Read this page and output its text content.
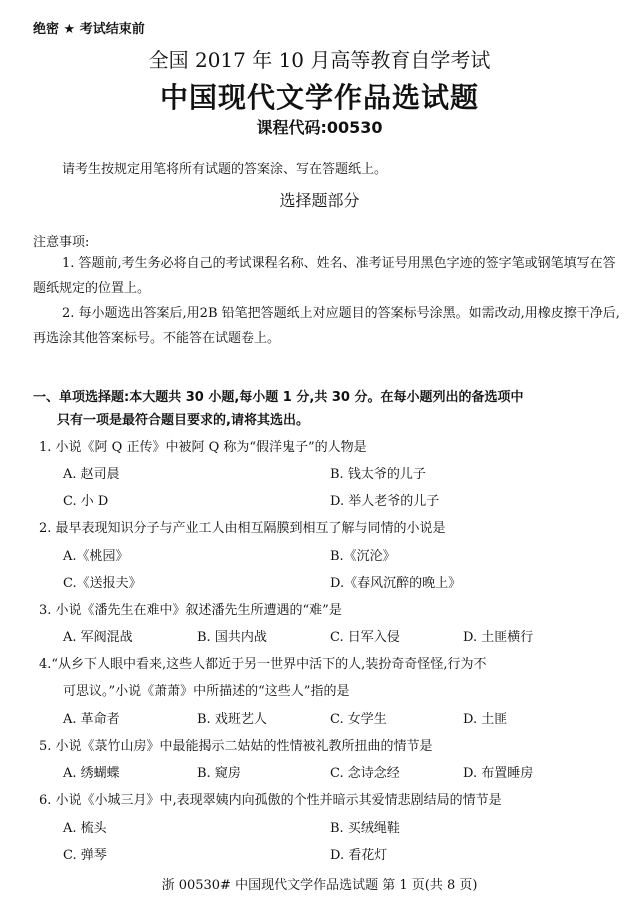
绝密 ★ 考试结束前
全国 2017 年 10 月高等教育自学考试
中国现代文学作品选试题
课程代码:00530
请考生按规定用笔将所有试题的答案涂、写在答题纸上。
选择题部分
注意事项:
1. 答题前,考生务必将自己的考试课程名称、姓名、准考证号用黑色字迹的签字笔或钢笔填写在答题纸规定的位置上。
2. 每小题选出答案后,用2B 铅笔把答题纸上对应题目的答案标号涂黑。如需改动,用橡皮擦干净后,再选涂其他答案标号。不能答在试题卷上。
一、单项选择题:本大题共 30 小题,每小题 1 分,共 30 分。在每小题列出的备选项中
只有一项是最符合题目要求的,请将其选出。
1. 小说《阿 Q 正传》中被阿 Q 称为“假洋鬼子”的人物是
A. 赵司晨	B. 钱太爷的儿子
C. 小 D	D. 举人老爷的儿子
2. 最早表现知识分子与产业工人由相互隔膜到相互了解与同情的小说是
A.《桃园》	B.《沉沦》
C.《送报夫》	D.《春风沉醉的晚上》
3. 小说《潘先生在难中》叙述潘先生所遭遇的“难”是
A. 军阀混战	B. 国共内战	C. 日军入侵	D. 土匪横行
4.“从乡下人眼中看来,这些人都近于另一世界中活下的人,装扮奇奇怪怪,行为不
可思议。”小说《萧萧》中所描述的“这些人”指的是
A. 革命者	B. 戏班艺人	C. 女学生	D. 土匪
5. 小说《菉竹山房》中最能揭示二姑姑的性情被礼教所扭曲的情节是
A. 绣蝴蝶	B. 窥房	C. 念诗念经	D. 布置睡房
6. 小说《小城三月》中,表现翠姨内向孤傲的个性并暗示其爱情悲剧结局的情节是
A. 梳头	B. 买绒绳鞋
C. 弹琴	D. 看花灯
浙 00530# 中国现代文学作品选试题 第 1 页(共 8 页)
